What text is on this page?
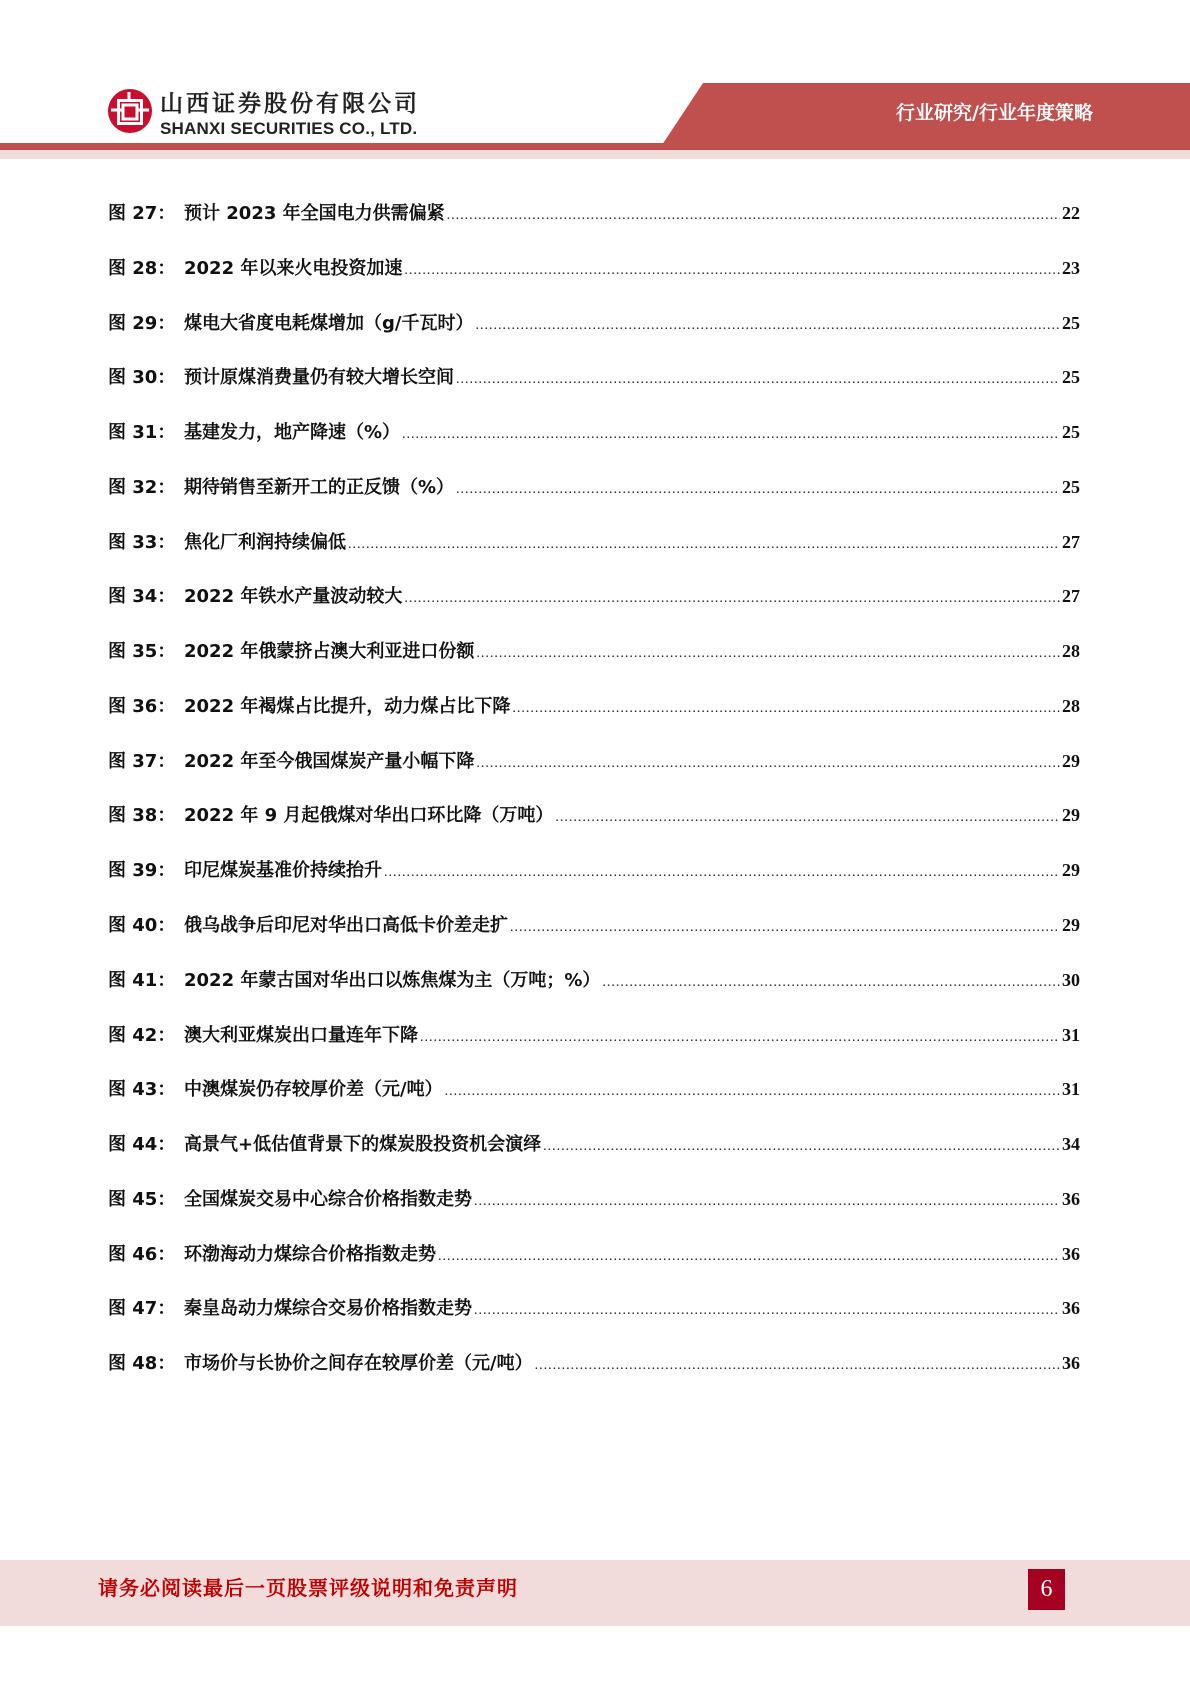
山西证券股份有限公司
SHANXI SECURITIES CO., LTD.
行业研究/行业年度策略
图 27： 预计 2023 年全国电力供需偏紧 .....	22
图 28： 2022 年以来火电投资加速 .....	23
图 29： 煤电大省度电耗煤增加（g/千瓦时） .....	25
图 30： 预计原煤消费量仍有较大增长空间 .....	25
图 31： 基建发力，地产降速（%） .....	25
图 32： 期待销售至新开工的正反馈（%） .....	25
图 33： 焦化厂利润持续偏低 .....	27
图 34： 2022 年铁水产量波动较大 .....	27
图 35： 2022 年俄蒙挤占澳大利亚进口份额 .....	28
图 36： 2022 年褐煤占比提升，动力煤占比下降 .....	28
图 37： 2022 年至今俄国煤炭产量小幅下降 .....	29
图 38： 2022 年 9 月起俄煤对华出口环比降（万吨） .....	29
图 39： 印尼煤炭基准价持续抬升 .....	29
图 40： 俄乌战争后印尼对华出口高低卡价差走扩 .....	29
图 41： 2022 年蒙古国对华出口以炼焦煤为主（万吨；%） .....	30
图 42： 澳大利亚煤炭出口量连年下降 .....	31
图 43： 中澳煤炭仍存较厚价差（元/吨） .....	31
图 44： 高景气+低估值背景下的煤炭股投资机会演绎 .....	34
图 45： 全国煤炭交易中心综合价格指数走势 .....	36
图 46： 环渤海动力煤综合价格指数走势 .....	36
图 47： 秦皇岛动力煤综合交易价格指数走势 .....	36
图 48： 市场价与长协价之间存在较厚价差（元/吨） .....	36
请务必阅读最后一页股票评级说明和免责声明	6
